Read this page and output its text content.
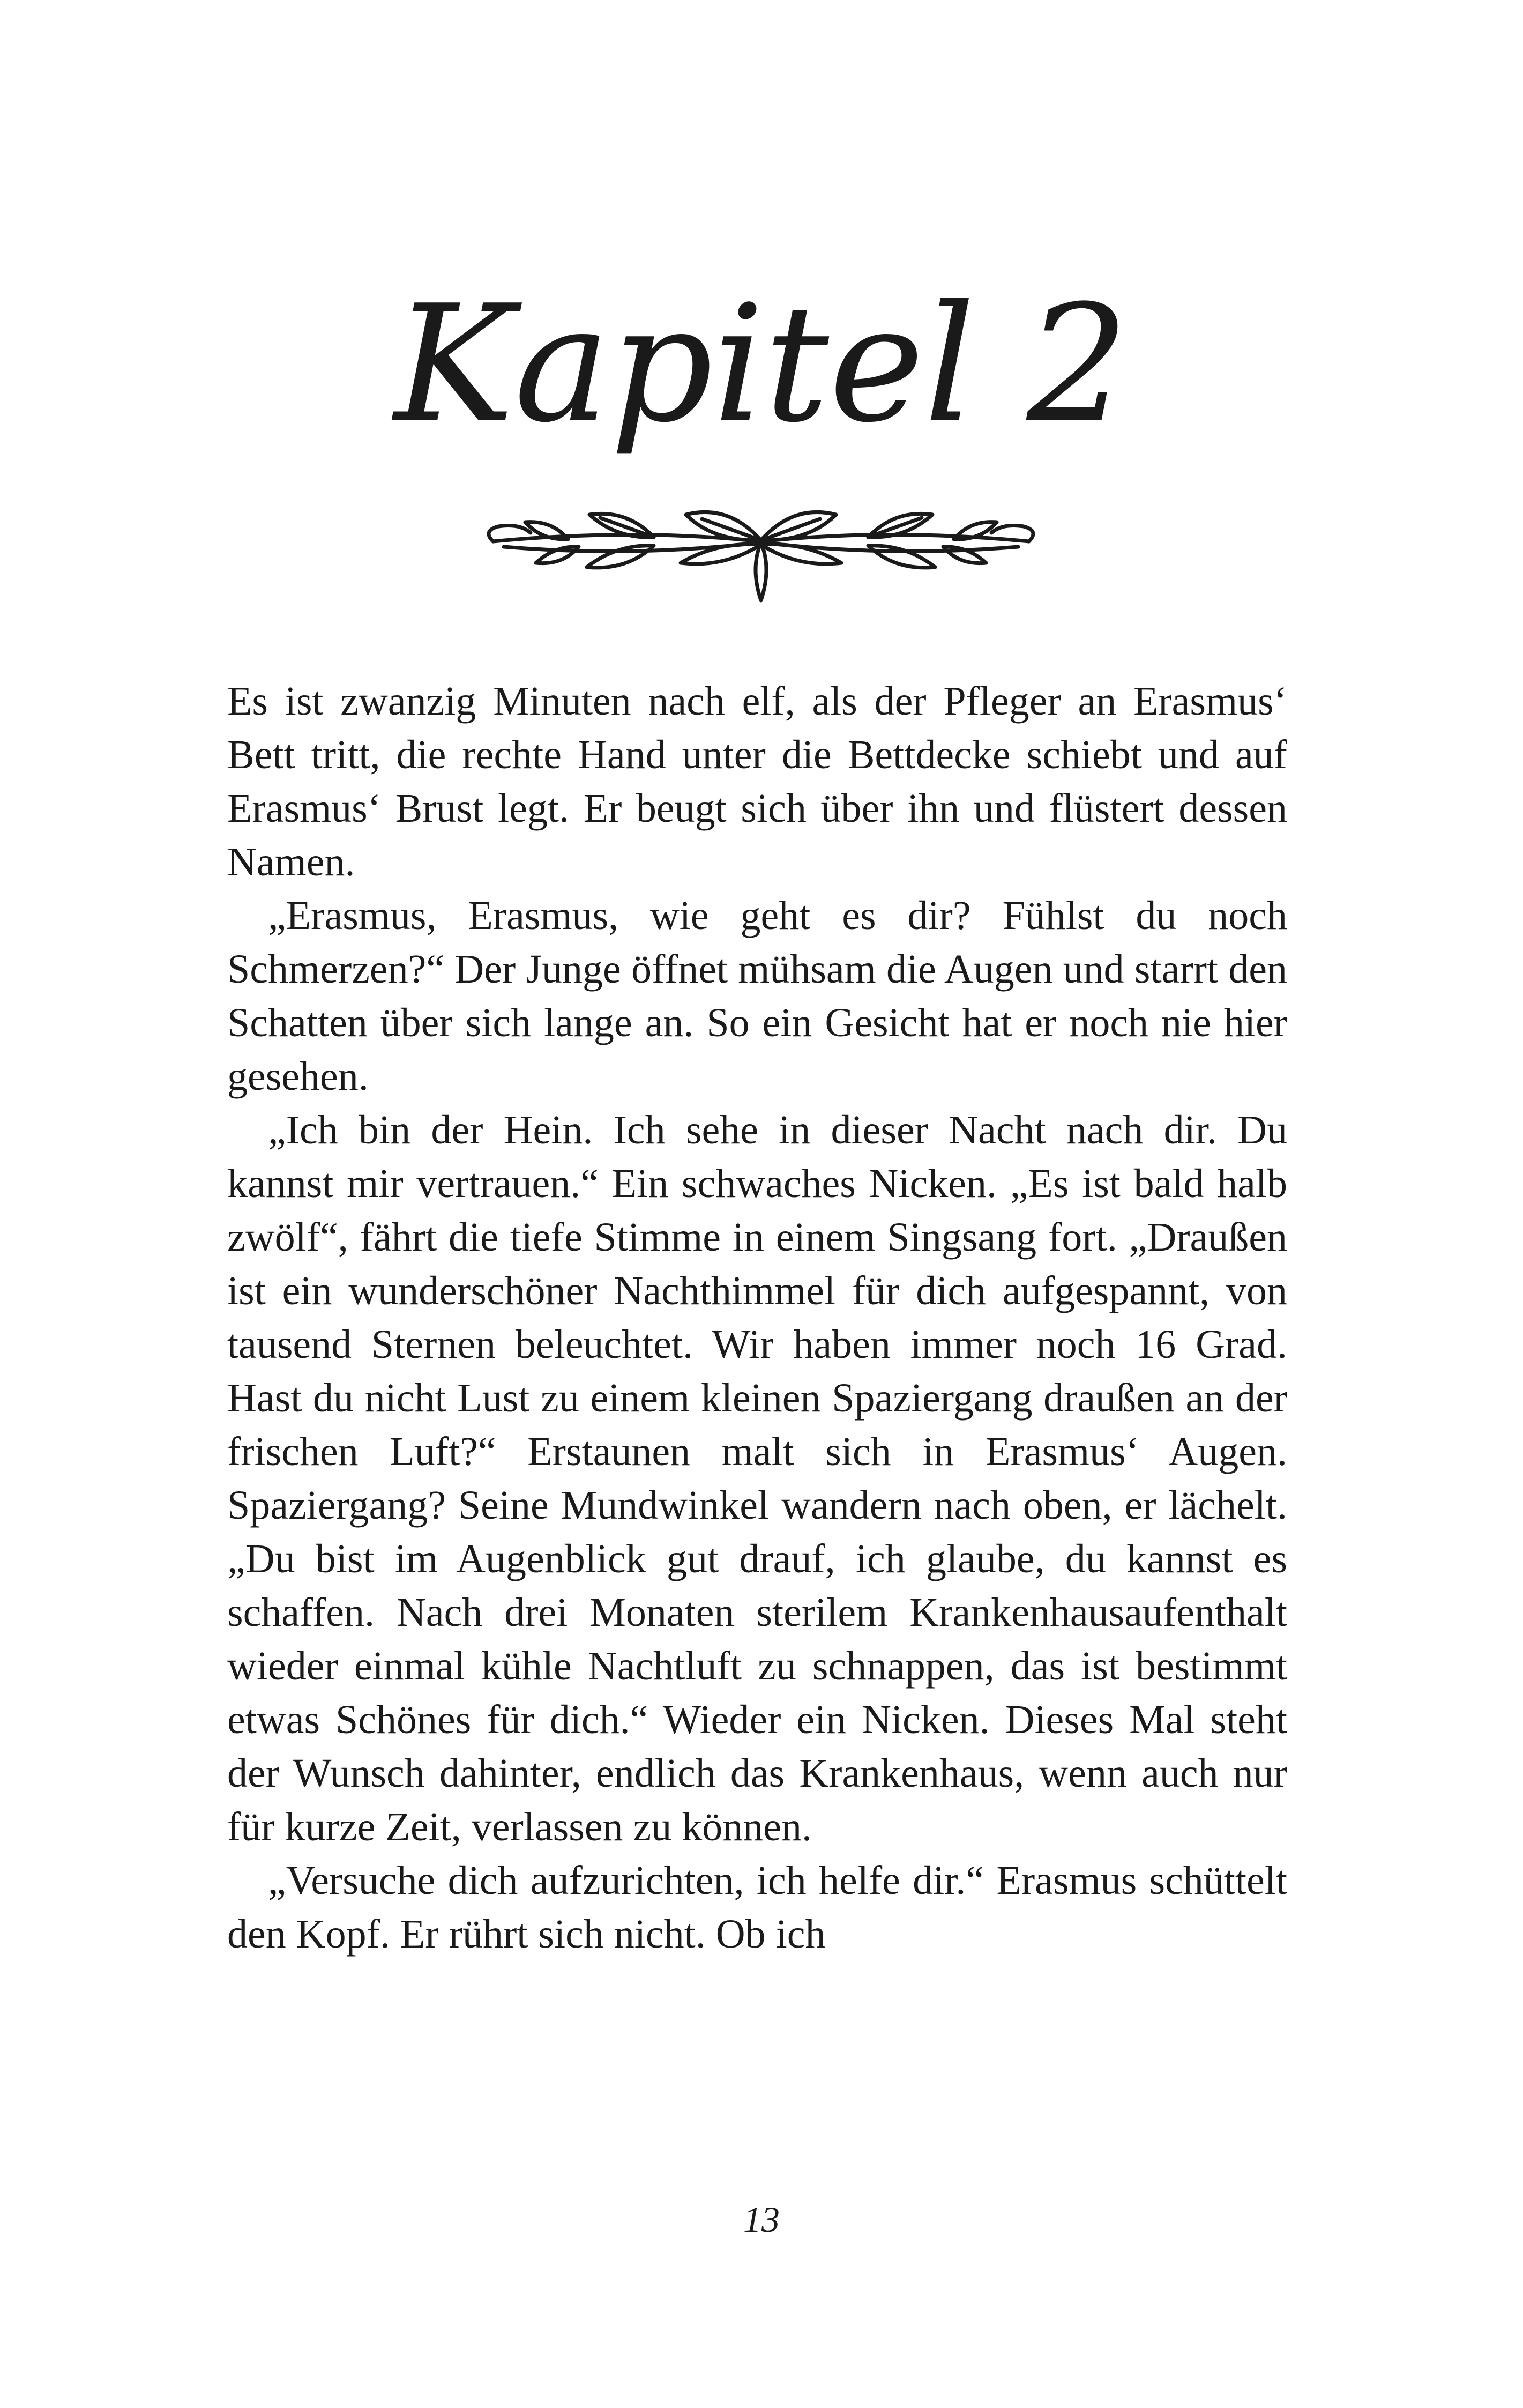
Kapitel 2

Es ist zwanzig Minuten nach elf, als der Pfleger an Erasmus‘ Bett tritt, die rechte Hand unter die Bettdecke schiebt und auf Erasmus‘ Brust legt. Er beugt sich über ihn und flüstert dessen Namen.

„Erasmus, Erasmus, wie geht es dir? Fühlst du noch Schmerzen?“ Der Junge öffnet mühsam die Augen und starrt den Schatten über sich lange an. So ein Gesicht hat er noch nie hier gesehen.

„Ich bin der Hein. Ich sehe in dieser Nacht nach dir. Du kannst mir vertrauen.“ Ein schwaches Nicken. „Es ist bald halb zwölf“, fährt die tiefe Stimme in einem Singsang fort. „Draußen ist ein wunderschöner Nachthimmel für dich aufgespannt, von tausend Sternen beleuchtet. Wir haben immer noch 16 Grad. Hast du nicht Lust zu einem kleinen Spaziergang draußen an der frischen Luft?“ Erstaunen malt sich in Erasmus‘ Augen. Spaziergang? Seine Mundwinkel wandern nach oben, er lächelt. „Du bist im Augenblick gut drauf, ich glaube, du kannst es schaffen. Nach drei Monaten sterilem Krankenhausaufenthalt wieder einmal kühle Nachtluft zu schnappen, das ist bestimmt etwas Schönes für dich.“ Wieder ein Nicken. Dieses Mal steht der Wunsch dahinter, endlich das Krankenhaus, wenn auch nur für kurze Zeit, verlassen zu können.

„Versuche dich aufzurichten, ich helfe dir.“ Erasmus schüttelt den Kopf. Er rührt sich nicht. Ob ich

13
